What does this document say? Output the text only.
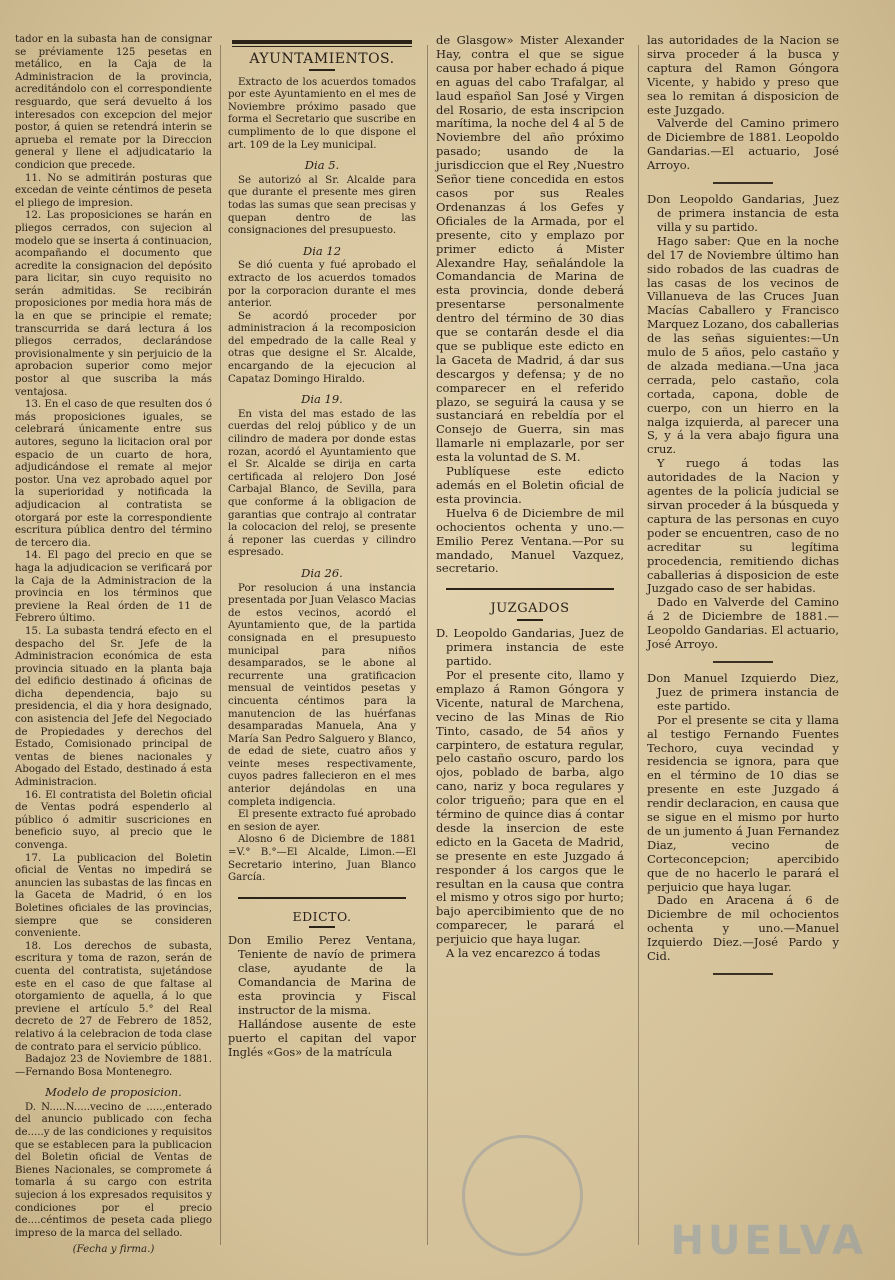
tador en la subasta han de consignar se préviamente 125 pesetas en metálico, en la Caja de la Administracion de la provincia, acreditándolo con el correspondiente resguardo, que será devuelto á los interesados con excepcion del mejor postor, á quien se retendrá interin se aprueba el remate por la Direccion general y llene el adjudicatario la condicion que precede.

11. No se admitirán posturas que excedan de veinte céntimos de peseta el pliego de impresion.

12. Las proposiciones se harán en pliegos cerrados, con sujecion al modelo que se inserta á continuacion, acompañando el documento que acredite la consignacion del depósito para licitar, sin cuyo requisito no serán admitidas. Se recibirán proposiciones por media hora más de la en que se principie el remate; transcurrida se dará lectura á los pliegos cerrados, declarándose provisionalmente y sin perjuicio de la aprobacion superior como mejor postor al que suscriba la más ventajosa.

13. En el caso de que resulten dos ó más proposiciones iguales, se celebrará únicamente entre sus autores, seguno la licitacion oral por espacio de un cuarto de hora, adjudicándose el remate al mejor postor. Una vez aprobado aquel por la superioridad y notificada la adjudicacion al contratista se otorgará por este la correspondiente escritura pública dentro del término de tercero dia.

14. El pago del precio en que se haga la adjudicacion se verificará por la Caja de la Administracion de la provincia en los términos que previene la Real órden de 11 de Febrero último.

15. La subasta tendrá efecto en el despacho del Sr. Jefe de la Administracion económica de esta provincia situado en la planta baja del edificio destinado á oficinas de dicha dependencia, bajo su presidencia, el dia y hora designado, con asistencia del Jefe del Negociado de Propiedades y derechos del Estado, Comisionado principal de ventas de bienes nacionales y Abogado del Estado, destinado á esta Administracion.

16. El contratista del Boletin oficial de Ventas podrá espenderlo al público ó admitir suscriciones en beneficio suyo, al precio que le convenga.

17. La publicacion del Boletin oficial de Ventas no impedirá se anuncien las subastas de las fincas en la Gaceta de Madrid, ó en los Boletines oficiales de las provincias, siempre que se consideren conveniente.

18. Los derechos de subasta, escritura y toma de razon, serán de cuenta del contratista, sujetándose este en el caso de que faltase al otorgamiento de aquella, á lo que previene el artículo 5.° del Real decreto de 27 de Febrero de 1852, relativo á la celebracion de toda clase de contrato para el servicio público.

Badajoz 23 de Noviembre de 1881.—Fernando Bosa Montenegro.

Modelo de proposicion.

D. N.....N.....vecino de .....,enterado del anuncio publicado con fecha de.....y de las condiciones y requisitos que se establecen para la publicacion del Boletin oficial de Ventas de Bienes Nacionales, se compromete á tomarla á su cargo con estrita sujecion á los expresados requisitos y condiciones por el precio de....céntimos de peseta cada pliego impreso de la marca del sellado.

(Fecha y firma.)
AYUNTAMIENTOS.

Extracto de los acuerdos tomados por este Ayuntamiento en el mes de Noviembre próximo pasado que forma el Secretario que suscribe en cumplimento de lo que dispone el art. 109 de la Ley municipal.

Dia 5.

Se autorizó al Sr. Alcalde para que durante el presente mes giren todas las sumas que sean precisas y quepan dentro de las consignaciones del presupuesto.

Dia 12

Se dió cuenta y fué aprobado el extracto de los acuerdos tomados por la corporacion durante el mes anterior.

Se acordó proceder por administracion á la recomposicion del empedrado de la calle Real y otras que designe el Sr. Alcalde, encargando de la ejecucion al Capataz Domingo Hiraldo.

Dia 19.

En vista del mas estado de las cuerdas del reloj público y de un cilindro de madera por donde estas rozan, acordó el Ayuntamiento que el Sr. Alcalde se dirija en carta certificada al relojero Don José Carbajal Blanco, de Sevilla, para que conforme á la obligacion de garantias que contrajo al contratar la colocacion del reloj, se presente á reponer las cuerdas y cilindro espresado.

Dia 26.

Por resolucion á una instancia presentada por Juan Velasco Macias de estos vecinos, acordó el Ayuntamiento que, de la partida consignada en el presupuesto municipal para niños desamparados, se le abone al recurrente una gratificacion mensual de veintidos pesetas y cincuenta céntimos para la manutencion de las huérfanas desamparadas Manuela, Ana y María San Pedro Salguero y Blanco, de edad de siete, cuatro años y veinte meses respectivamente, cuyos padres fallecieron en el mes anterior dejándolas en una completa indigencia.

El presente extracto fué aprobado en sesion de ayer.

Alosno 6 de Diciembre de 1881 =V.° B.°—El Alcalde, Limon.—El Secretario interino, Juan Blanco García.

EDICTO.

Don Emilio Perez Ventana, Teniente de navío de primera clase, ayudante de la Comandancia de Marina de esta provincia y Fiscal instructor de la misma.

Hallándose ausente de este puerto el capitan del vapor Inglés «Gos» de la matrícula

de Glasgow» Mister Alexander Hay, contra el que se sigue causa por haber echado á pique en aguas del cabo Trafalgar, al laud español San José y Virgen del Rosario, de esta inscripcion marítima, la noche del 4 al 5 de Noviembre del año próximo pasado; usando de la jurisdiccion que el Rey ,Nuestro Señor tiene concedida en estos casos por sus Reales Ordenanzas á los Gefes y Oficiales de la Armada, por el presente, cito y emplazo por primer edicto á Mister Alexandre Hay, señalándole la Comandancia de Marina de esta provincia, donde deberá presentarse personalmente dentro del término de 30 dias que se contarán desde el dia que se publique este edicto en la Gaceta de Madrid, á dar sus descargos y defensa; y de no comparecer en el referido plazo, se seguirá la causa y se sustanciará en rebeldía por el Consejo de Guerra, sin mas llamarle ni emplazarle, por ser esta la voluntad de S. M.

Publíquese este edicto además en el Boletin oficial de esta provincia.

Huelva 6 de Diciembre de mil ochocientos ochenta y uno.—Emilio Perez Ventana.—Por su mandado, Manuel Vazquez, secretario.

JUZGADOS

D. Leopoldo Gandarias, Juez de primera instancia de este partido.

Por el presente cito, llamo y emplazo á Ramon Góngora y Vicente, natural de Marchena, vecino de las Minas de Rio Tinto, casado, de 54 años y carpintero, de estatura regular, pelo castaño oscuro, pardo los ojos, poblado de barba, algo cano, nariz y boca regulares y color trigueño; para que en el término de quince dias á contar desde la insercion de este edicto en la Gaceta de Madrid, se presente en este Juzgado á responder á los cargos que le resultan en la causa que contra el mismo y otros sigo por hurto; bajo apercibimiento que de no comparecer, le parará el perjuicio que haya lugar.

A la vez encarezco á todas

las autoridades de la Nacion se sirva proceder á la busca y captura del Ramon Góngora Vicente, y habido y preso que sea lo remitan á disposicion de este Juzgado.

Valverde del Camino primero de Diciembre de 1881. Leopoldo Gandarias.—El actuario, José Arroyo.

Don Leopoldo Gandarias, Juez de primera instancia de esta villa y su partido.

Hago saber: Que en la noche del 17 de Noviembre último han sido robados de las cuadras de las casas de los vecinos de Villanueva de las Cruces Juan Macías Caballero y Francisco Marquez Lozano, dos caballerias de las señas siguientes:—Un mulo de 5 años, pelo castaño y de alzada mediana.—Una jaca cerrada, pelo castaño, cola cortada, capona, doble de cuerpo, con un hierro en la nalga izquierda, al parecer una S, y á la vera abajo figura una cruz.

Y ruego á todas las autoridades de la Nacion y agentes de la policía judicial se sirvan proceder á la búsqueda y captura de las personas en cuyo poder se encuentren, caso de no acreditar su legítima procedencia, remitiendo dichas caballerias á disposicion de este Juzgado caso de ser habidas.

Dado en Valverde del Camino á 2 de Diciembre de 1881.—Leopoldo Gandarias. El actuario, José Arroyo.

Don Manuel Izquierdo Diez, Juez de primera instancia de este partido.

Por el presente se cita y llama al testigo Fernando Fuentes Techoro, cuya vecindad y residencia se ignora, para que en el término de 10 dias se presente en este Juzgado á rendir declaracion, en causa que se sigue en el mismo por hurto de un jumento á Juan Fernandez Diaz, vecino de Corteconcepcion; apercibido que de no hacerlo le parará el perjuicio que haya lugar.

Dado en Aracena á 6 de Diciembre de mil ochocientos ochenta y uno.—Manuel Izquierdo Diez.—José Pardo y Cid.

HUELVA
